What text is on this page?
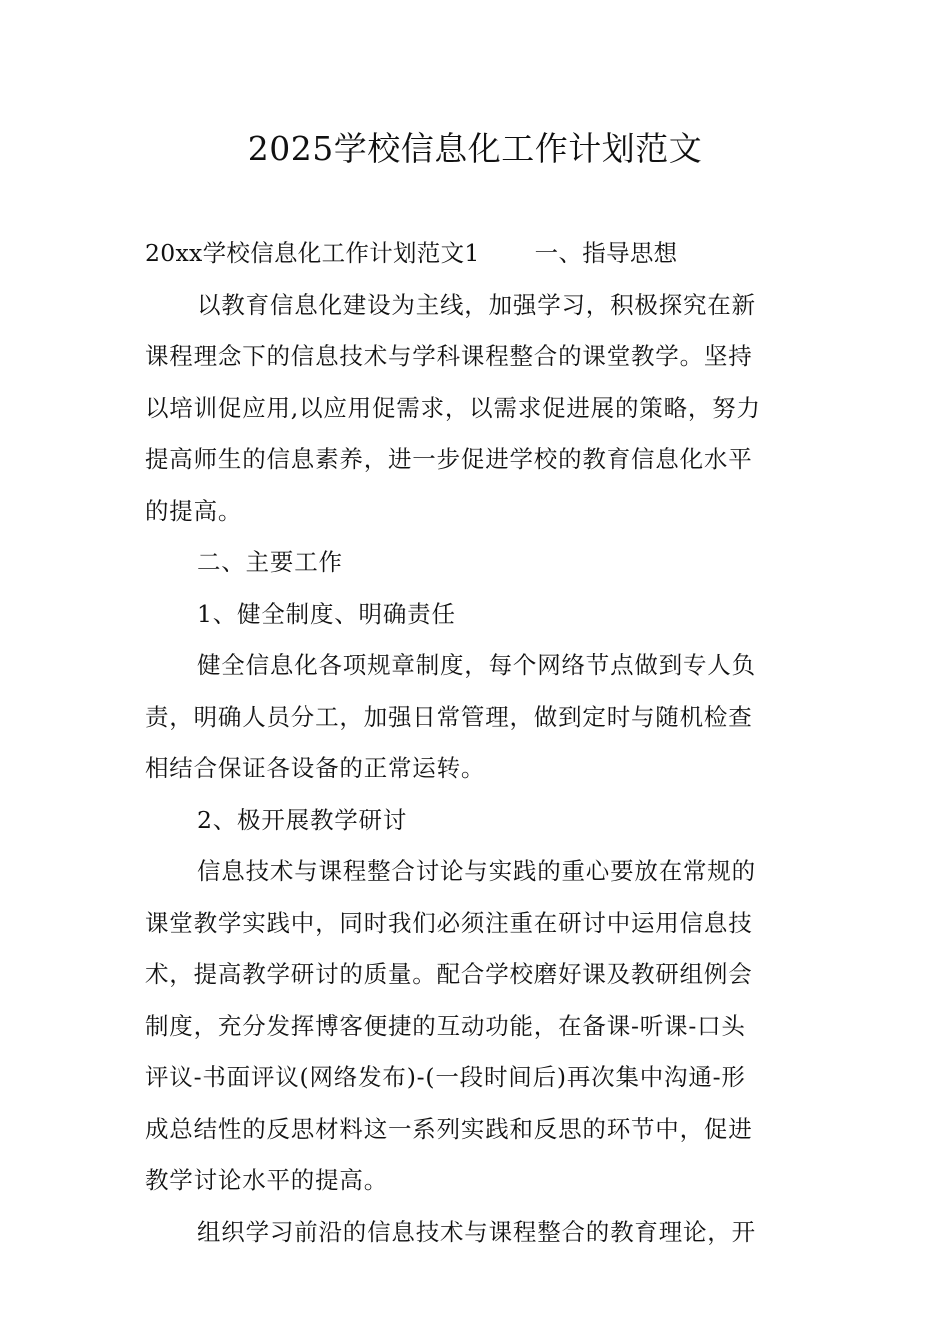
2025学校信息化工作计划范文
20xx学校信息化工作计划范文1 一、指导思想
以教育信息化建设为主线，加强学习，积极探究在新
课程理念下的信息技术与学科课程整合的课堂教学。坚持
以培训促应用,以应用促需求，以需求促进展的策略，努力
提高师生的信息素养，进一步促进学校的教育信息化水平
的提高。
二、主要工作
1、健全制度、明确责任
健全信息化各项规章制度，每个网络节点做到专人负
责，明确人员分工，加强日常管理，做到定时与随机检查
相结合保证各设备的正常运转。
2、极开展教学研讨
信息技术与课程整合讨论与实践的重心要放在常规的
课堂教学实践中，同时我们必须注重在研讨中运用信息技
术，提高教学研讨的质量。配合学校磨好课及教研组例会
制度，充分发挥博客便捷的互动功能，在备课-听课-口头
评议-书面评议(网络发布)-(一段时间后)再次集中沟通-形
成总结性的反思材料这一系列实践和反思的环节中，促进
教学讨论水平的提高。
组织学习前沿的信息技术与课程整合的教育理论，开
